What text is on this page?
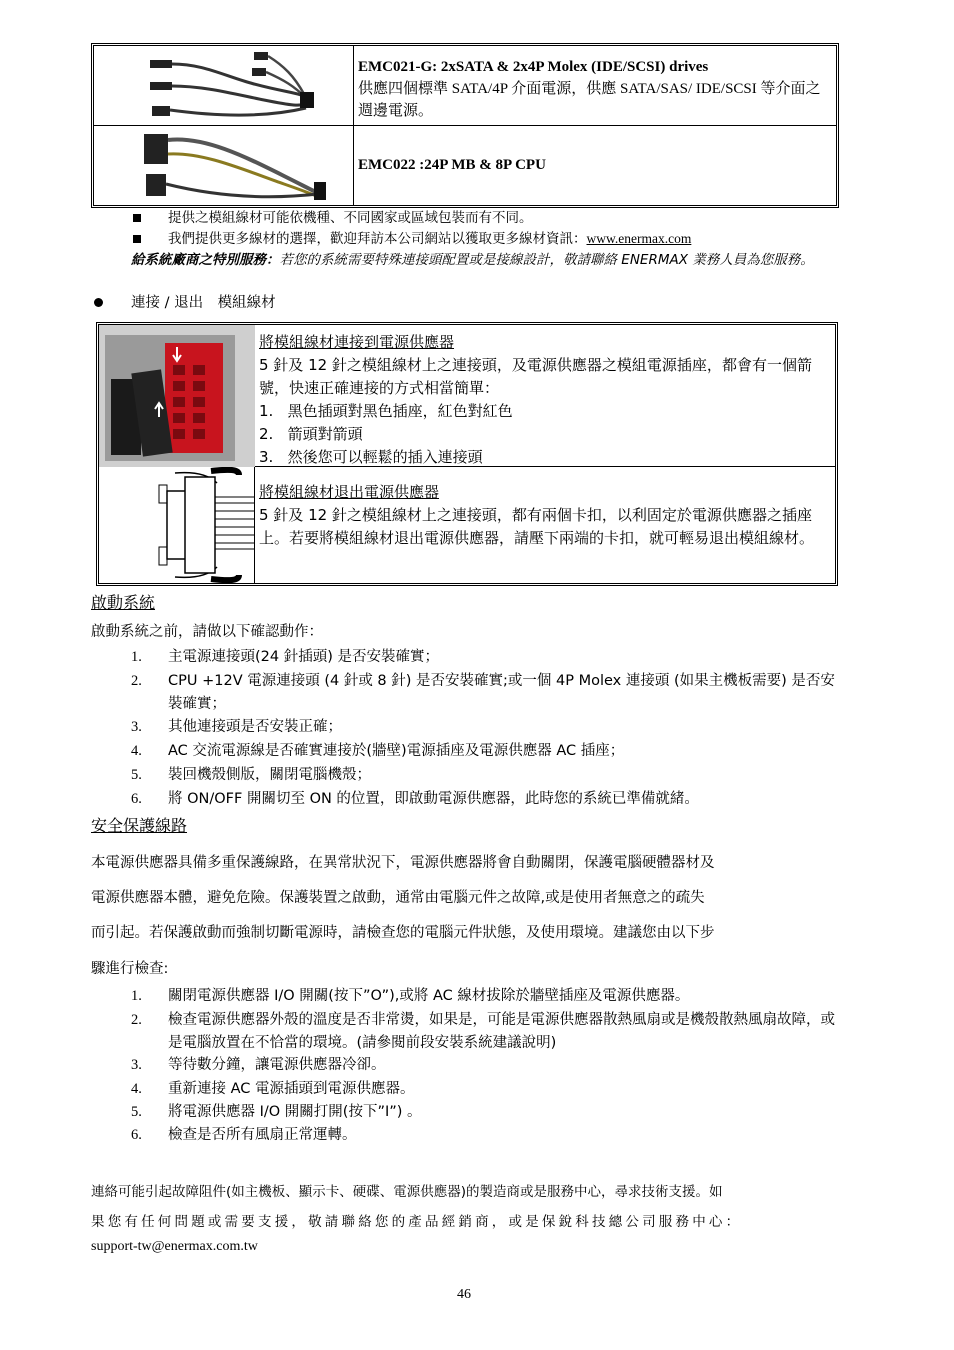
EMC021-G: 2xSATA & 2x4P Molex (IDE/SCSI) drives
供應四個標準 SATA/4P 介面電源，供應 SATA/SAS/ IDE/SCSI 等介面之週邊電源。
EMC022 :24P MB & 8P CPU
提供之模組線材可能依機種、不同國家或區域包裝而有不同。
我們提供更多線材的選擇，歡迎拜訪本公司網站以獲取更多線材資訊：www.enermax.com
給系統廠商之特別服務：若您的系統需要特殊連接頭配置或是接線設計，敬請聯絡 ENERMAX 業務人員為您服務。
連接 / 退出　模組線材
將模組線材連接到電源供應器
5 針及 12 針之模組線材上之連接頭，及電源供應器之模組電源插座，都會有一個箭號，快速正確連接的方式相當簡單：
1. 黑色插頭對黑色插座，紅色對紅色
2. 箭頭對箭頭
3. 然後您可以輕鬆的插入連接頭
將模組線材退出電源供應器
5 針及 12 針之模組線材上之連接頭，都有兩個卡扣，以利固定於電源供應器之插座上。若要將模組線材退出電源供應器，請壓下兩端的卡扣，就可輕易退出模組線材。
啟動系統
啟動系統之前，請做以下確認動作：
1. 主電源連接頭(24 針插頭) 是否安裝確實；
2. CPU +12V 電源連接頭 (4 針或 8 針) 是否安裝確實;或一個 4P Molex 連接頭 (如果主機板需要) 是否安裝確實；
3. 其他連接頭是否安裝正確；
4. AC 交流電源線是否確實連接於(牆壁)電源插座及電源供應器 AC 插座；
5. 裝回機殼側版，關閉電腦機殼；
6. 將 ON/OFF 開關切至 ON 的位置，即啟動電源供應器，此時您的系統已準備就緒。
安全保護線路
本電源供應器具備多重保護線路，在異常狀況下，電源供應器將會自動關閉，保護電腦硬體器材及
電源供應器本體，避免危險。保護裝置之啟動，通常由電腦元件之故障,或是使用者無意之的疏失
而引起。若保護啟動而強制切斷電源時，請檢查您的電腦元件狀態，及使用環境。建議您由以下步
驟進行檢查:
1. 關閉電源供應器 I/O 開關(按下”O”),或將 AC 線材拔除於牆壁插座及電源供應器。
2. 檢查電源供應器外殼的溫度是否非常燙，如果是，可能是電源供應器散熱風扇或是機殼散熱風扇故障，或是電腦放置在不恰當的環境。(請參閱前段安裝系統建議說明)
3. 等待數分鐘，讓電源供應器冷卻。
4. 重新連接 AC 電源插頭到電源供應器。
5. 將電源供應器 I/O 開關打開(按下”I”) 。
6. 檢查是否所有風扇正常運轉。
連絡可能引起故障阻件(如主機板、顯示卡、硬碟、電源供應器)的製造商或是服務中心，尋求技術支援。如
果您有任何問題或需要支援，敬請聯絡您的產品經銷商，或是保銳科技總公司服務中心：
support-tw@enermax.com.tw
46
